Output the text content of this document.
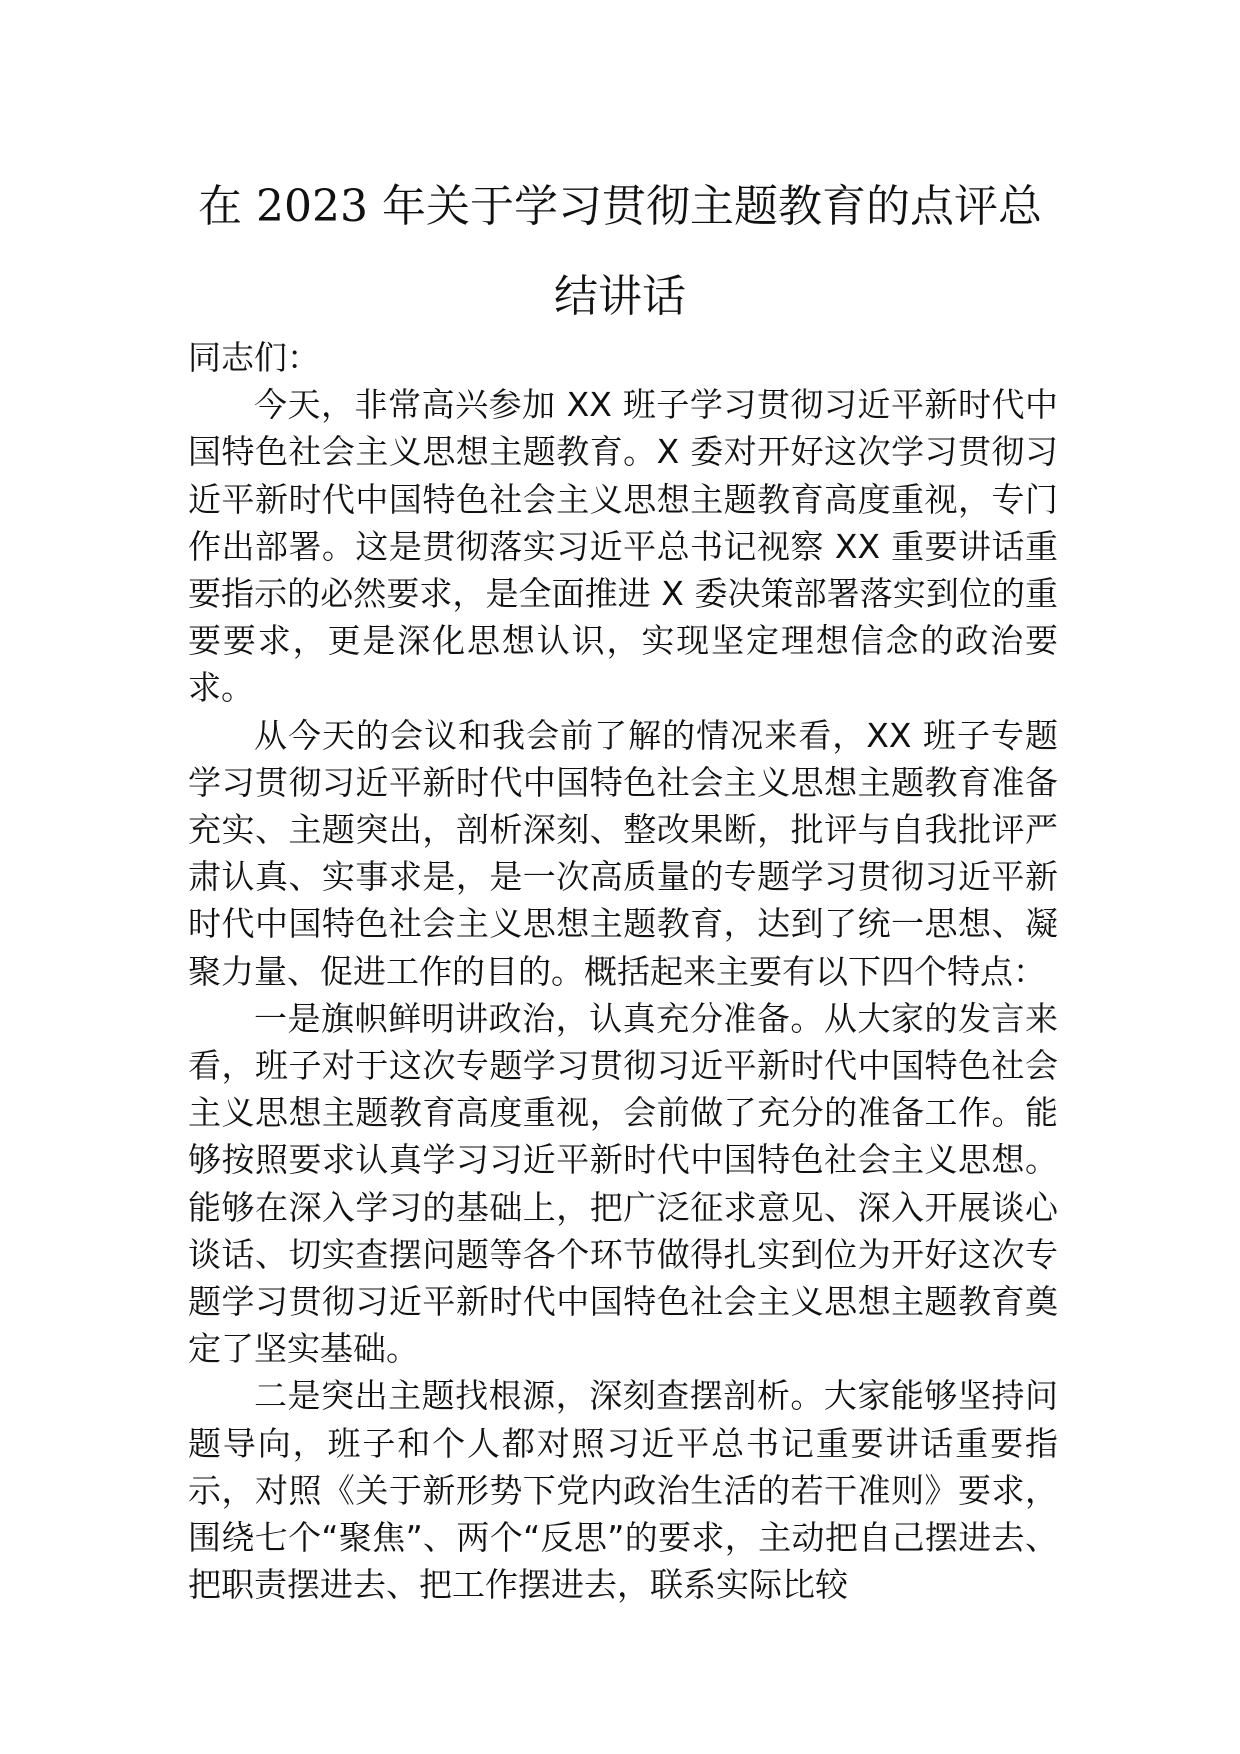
在 2023 年关于学习贯彻主题教育的点评总
结讲话

同志们：

今天，非常高兴参加 XX 班子学习贯彻习近平新时代中国特色社会主义思想主题教育。X 委对开好这次学习贯彻习近平新时代中国特色社会主义思想主题教育高度重视，专门作出部署。这是贯彻落实习近平总书记视察 XX 重要讲话重要指示的必然要求，是全面推进 X 委决策部署落实到位的重要要求，更是深化思想认识，实现坚定理想信念的政治要求。

从今天的会议和我会前了解的情况来看，XX 班子专题学习贯彻习近平新时代中国特色社会主义思想主题教育准备充实、主题突出，剖析深刻、整改果断，批评与自我批评严肃认真、实事求是，是一次高质量的专题学习贯彻习近平新时代中国特色社会主义思想主题教育，达到了统一思想、凝聚力量、促进工作的目的。概括起来主要有以下四个特点：

一是旗帜鲜明讲政治，认真充分准备。从大家的发言来看，班子对于这次专题学习贯彻习近平新时代中国特色社会主义思想主题教育高度重视，会前做了充分的准备工作。能够按照要求认真学习习近平新时代中国特色社会主义思想。能够在深入学习的基础上，把广泛征求意见、深入开展谈心谈话、切实查摆问题等各个环节做得扎实到位为开好这次专题学习贯彻习近平新时代中国特色社会主义思想主题教育奠定了坚实基础。

二是突出主题找根源，深刻查摆剖析。大家能够坚持问题导向，班子和个人都对照习近平总书记重要讲话重要指示，对照《关于新形势下党内政治生活的若干准则》要求，围绕七个“聚焦”、两个“反思”的要求，主动把自己摆进去、把职责摆进去、把工作摆进去，联系实际比较
